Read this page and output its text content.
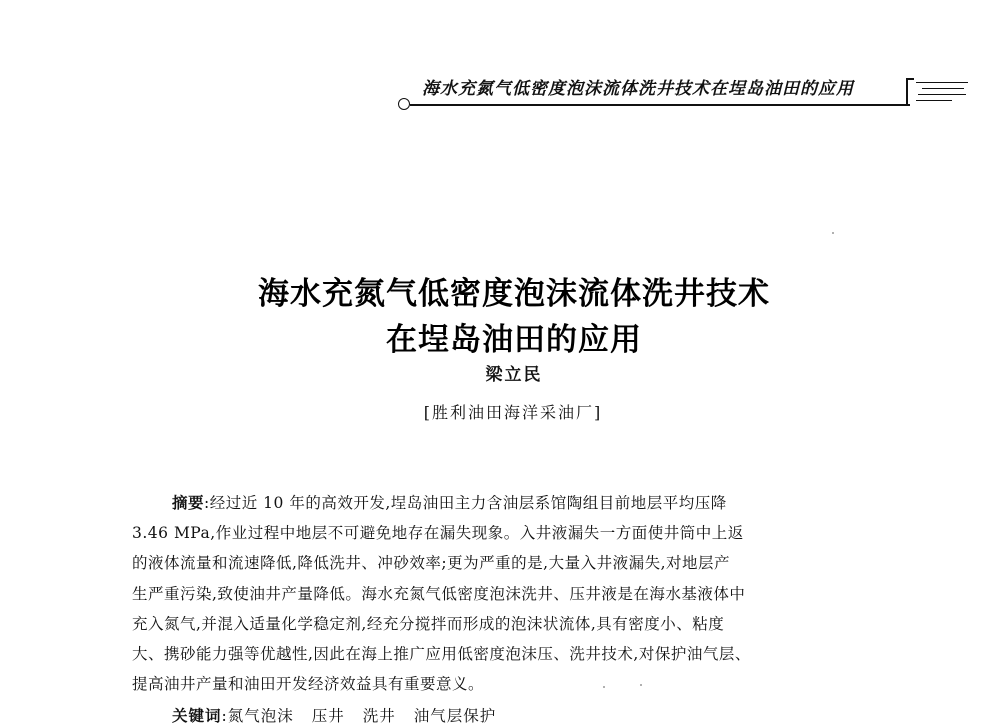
海水充氮气低密度泡沫流体洗井技术在埕岛油田的应用
海水充氮气低密度泡沫流体洗井技术
在埕岛油田的应用
梁立民
[胜利油田海洋采油厂]
摘要:经过近 10 年的高效开发,埕岛油田主力含油层系馆陶组目前地层平均压降
3.46 MPa,作业过程中地层不可避免地存在漏失现象。入井液漏失一方面使井筒中上返
的液体流量和流速降低,降低洗井、冲砂效率;更为严重的是,大量入井液漏失,对地层产
生严重污染,致使油井产量降低。海水充氮气低密度泡沫洗井、压井液是在海水基液体中
充入氮气,并混入适量化学稳定剂,经充分搅拌而形成的泡沫状流体,具有密度小、粘度
大、携砂能力强等优越性,因此在海上推广应用低密度泡沫压、洗井技术,对保护油气层、
提高油井产量和油田开发经济效益具有重要意义。
关键词:氮气泡沫 压井 洗井 油气层保护
